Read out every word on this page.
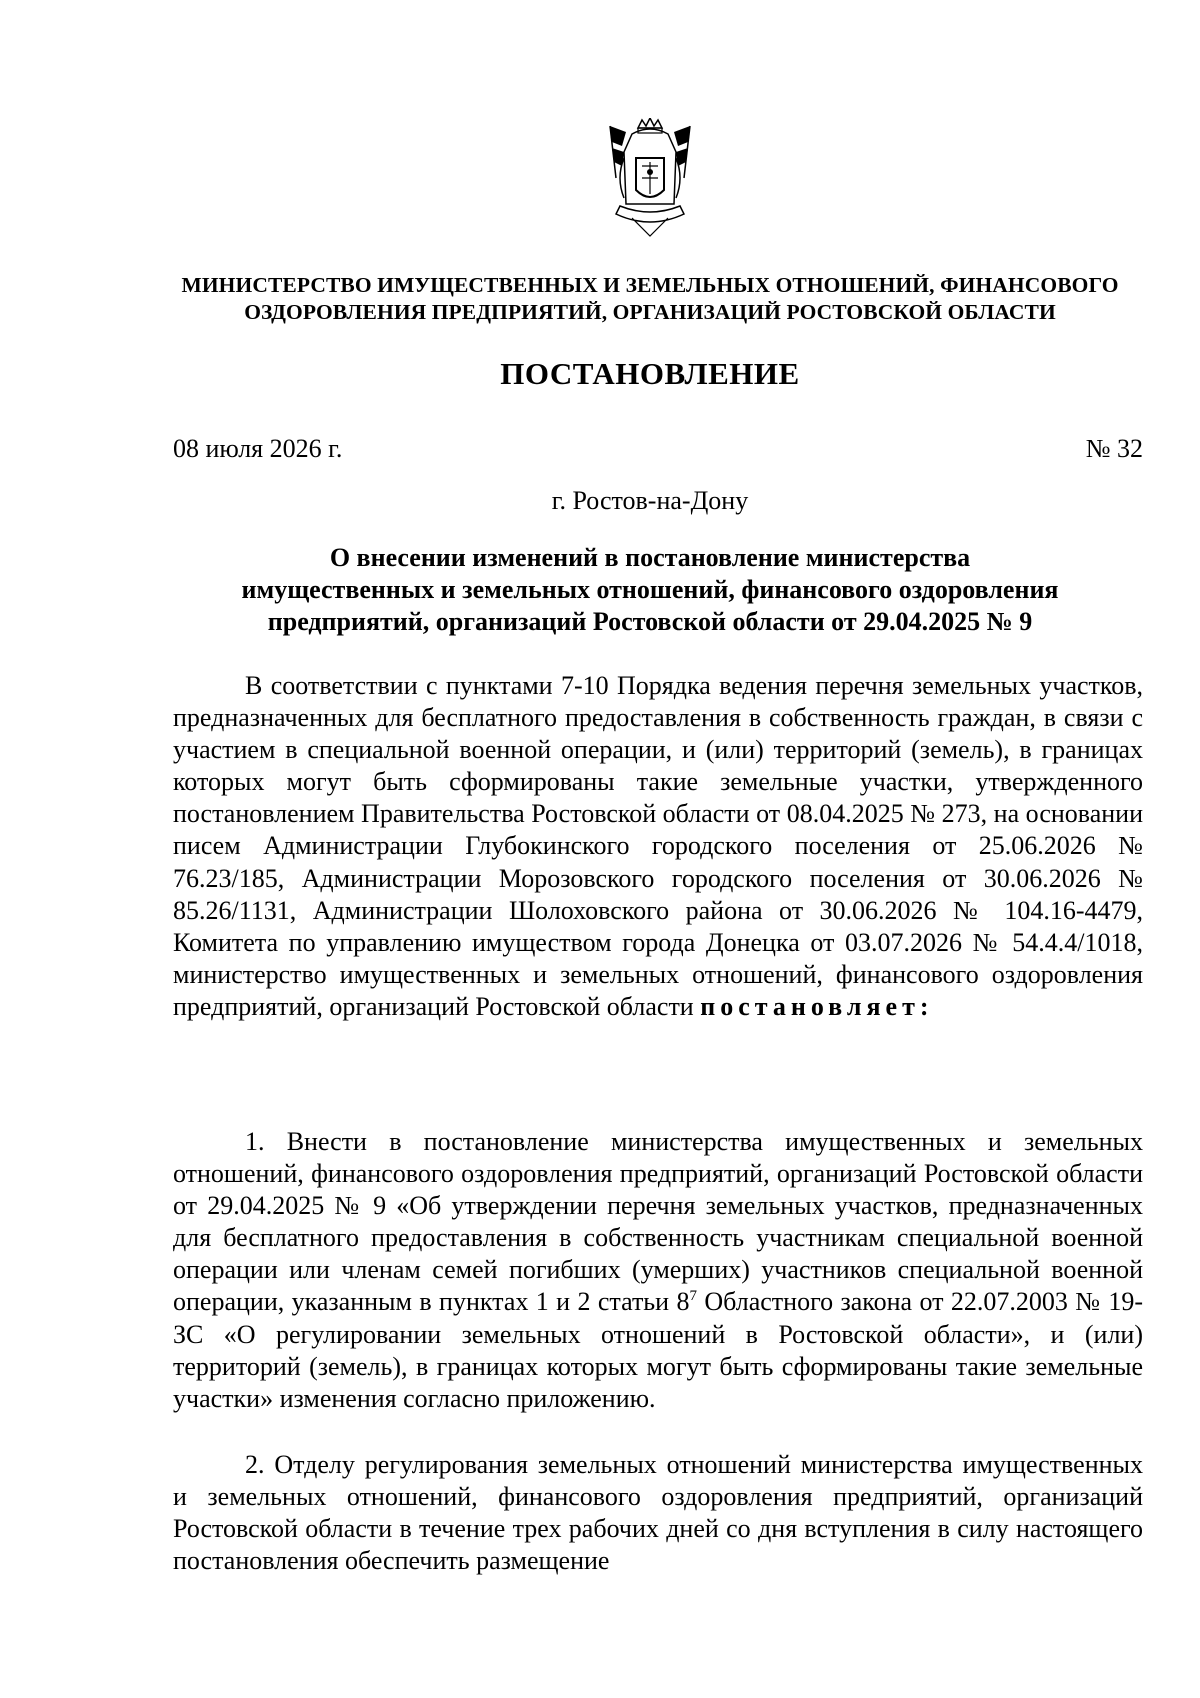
МИНИСТЕРСТВО ИМУЩЕСТВЕННЫХ И ЗЕМЕЛЬНЫХ ОТНОШЕНИЙ, ФИНАНСОВОГО
ОЗДОРОВЛЕНИЯ ПРЕДПРИЯТИЙ, ОРГАНИЗАЦИЙ РОСТОВСКОЙ ОБЛАСТИ
ПОСТАНОВЛЕНИЕ
08 июля 2026 г.	№ 32
г. Ростов-на-Дону
О внесении изменений в постановление министерства
имущественных и земельных отношений, финансового оздоровления
предприятий, организаций Ростовской области от 29.04.2025 № 9
В соответствии с пунктами 7-10 Порядка ведения перечня земельных участков, предназначенных для бесплатного предоставления в собственность граждан, в связи с участием в специальной военной операции, и (или) территорий (земель), в границах которых могут быть сформированы такие земельные участки, утвержденного постановлением Правительства Ростовской области от 08.04.2025 № 273, на основании писем Администрации Глубокинского городского поселения от 25.06.2026 № 76.23/185, Администрации Морозовского городского поселения от 30.06.2026 № 85.26/1131, Администрации Шолоховского района от 30.06.2026 № 104.16-4479, Комитета по управлению имуществом города Донецка от 03.07.2026 № 54.4.4/1018, министерство имущественных и земельных отношений, финансового оздоровления предприятий, организаций Ростовской области постановляет:
1. Внести в постановление министерства имущественных и земельных отношений, финансового оздоровления предприятий, организаций Ростовской области от 29.04.2025 № 9 «Об утверждении перечня земельных участков, предназначенных для бесплатного предоставления в собственность участникам специальной военной операции или членам семей погибших (умерших) участников специальной военной операции, указанным в пунктах 1 и 2 статьи $8^7$ Областного закона от 22.07.2003 № 19-ЗС «О регулировании земельных отношений в Ростовской области», и (или) территорий (земель), в границах которых могут быть сформированы такие земельные участки» изменения согласно приложению.
2. Отделу регулирования земельных отношений министерства имущественных и земельных отношений, финансового оздоровления предприятий, организаций Ростовской области в течение трех рабочих дней со дня вступления в силу настоящего постановления обеспечить размещение
